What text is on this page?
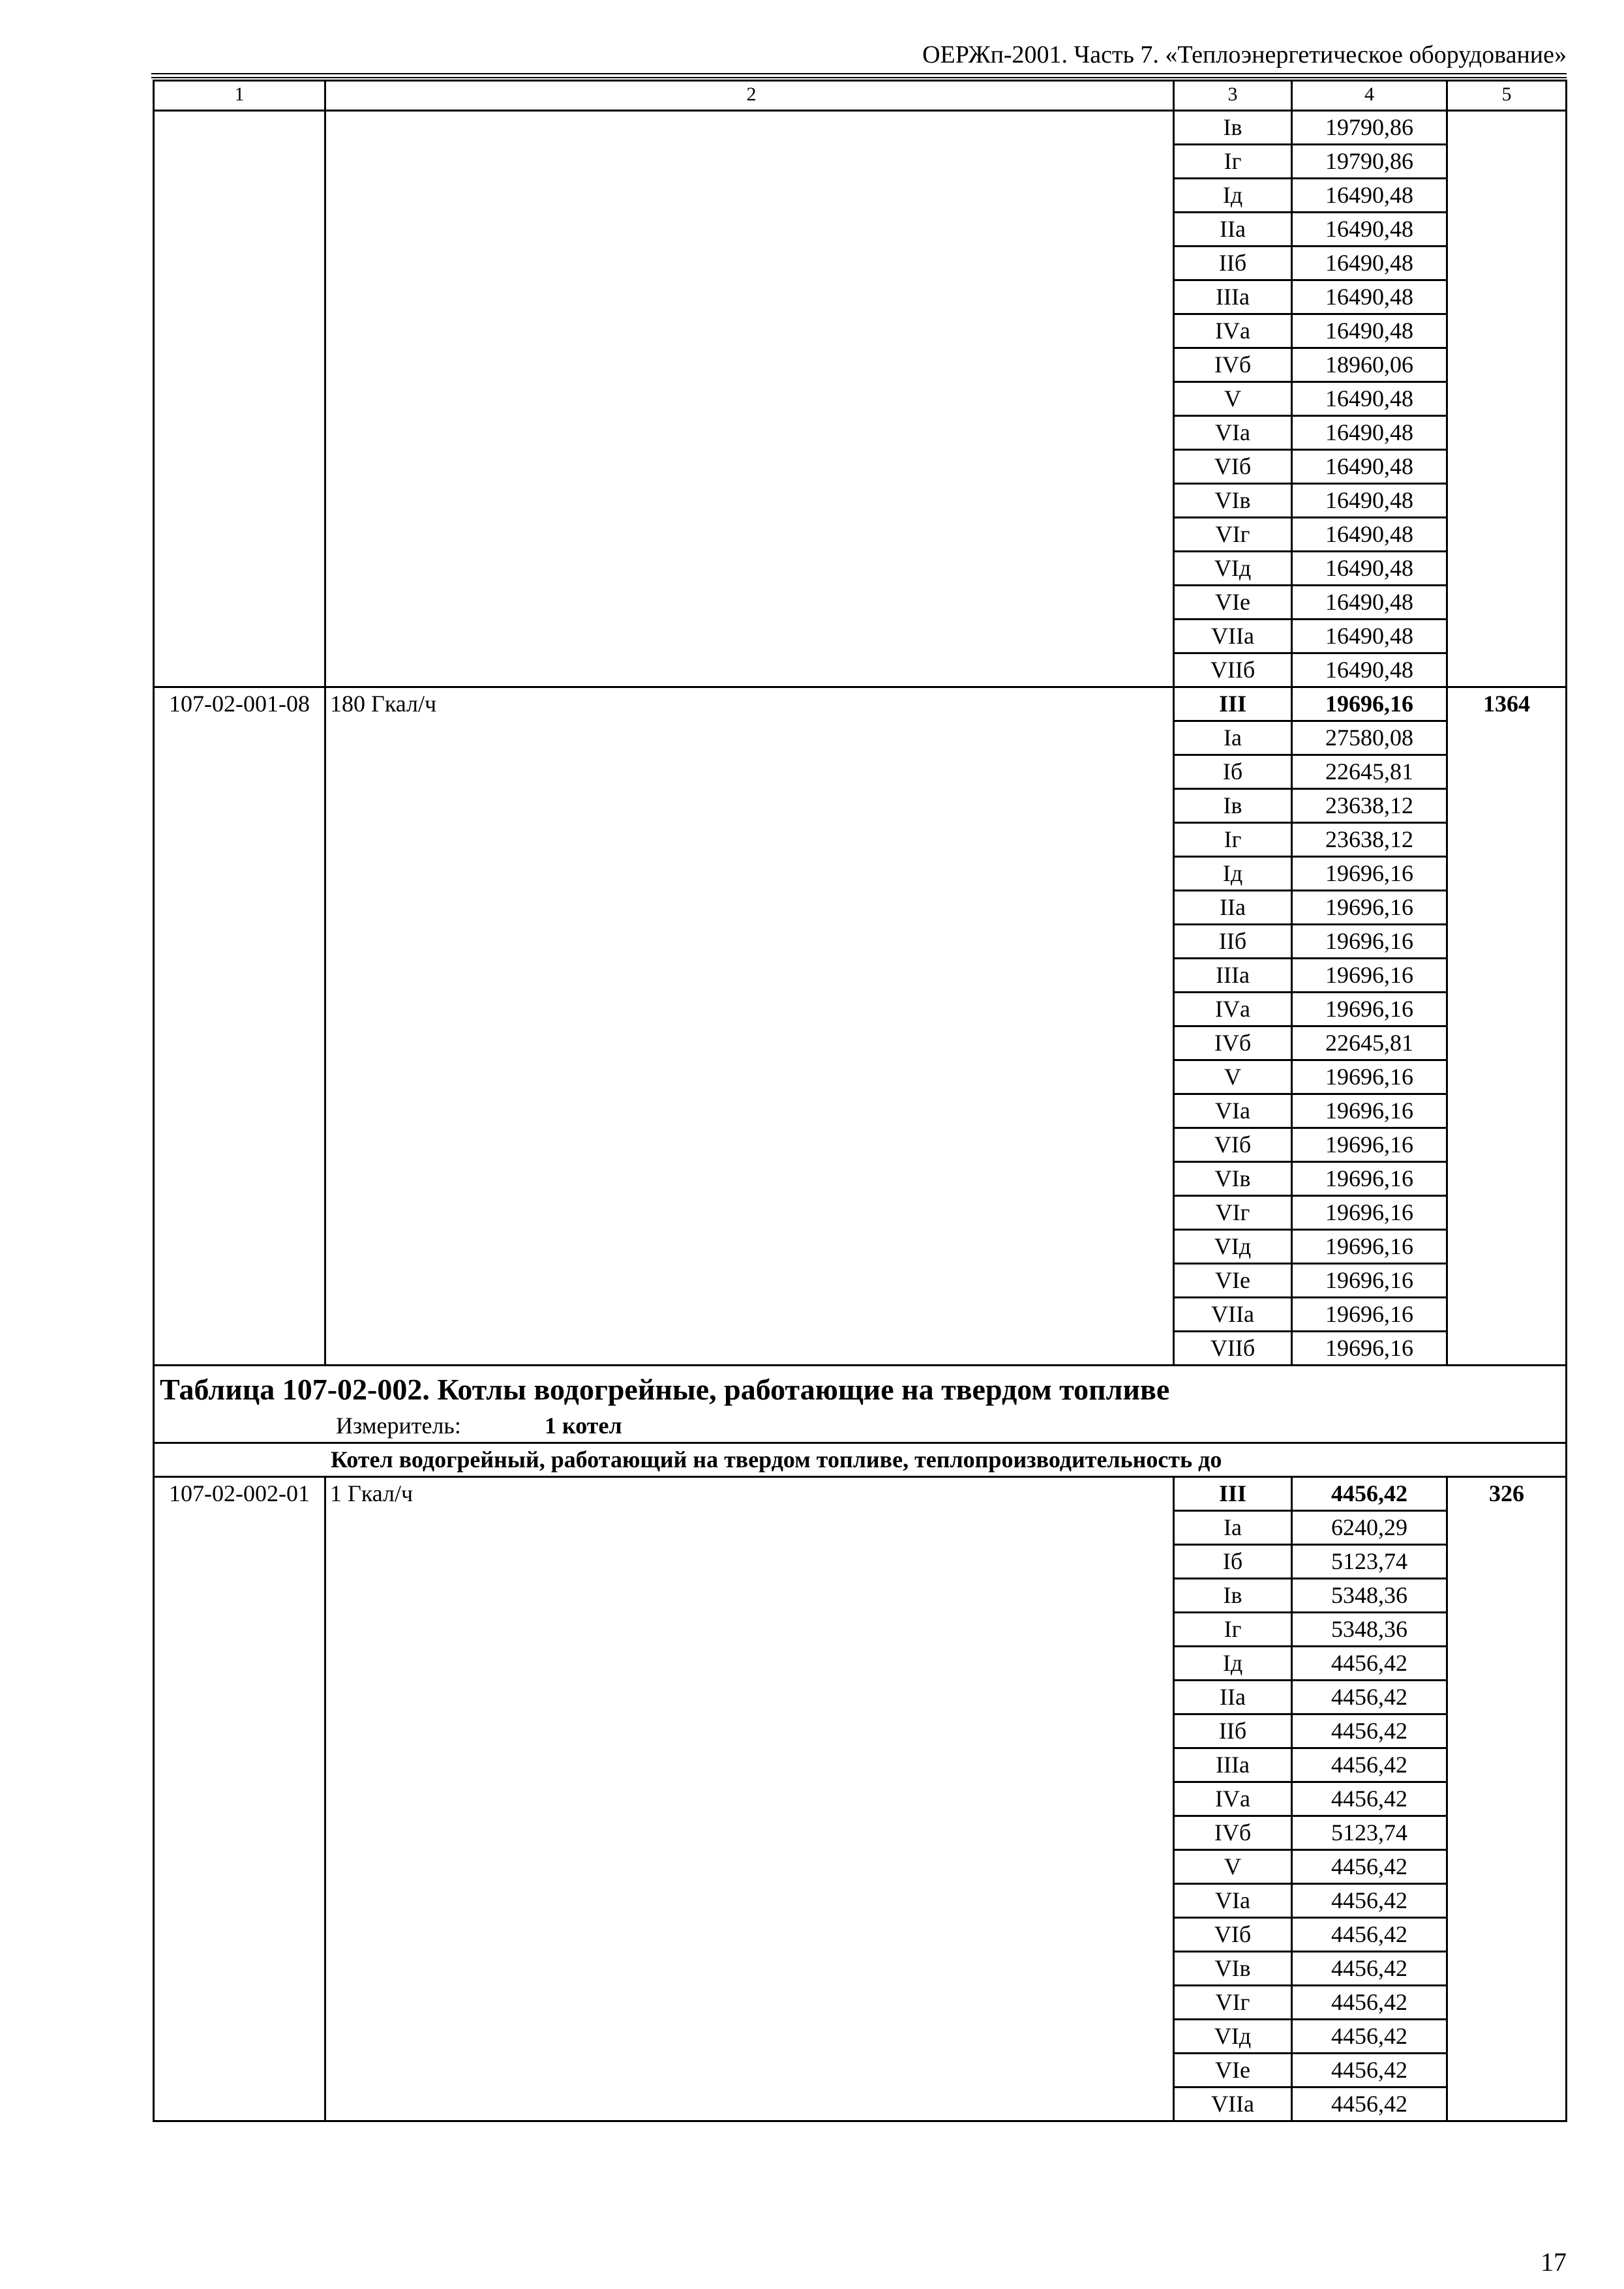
ОЕРЖп-2001. Часть 7. «Теплоэнергетическое оборудование»
1	2	3	4	5
		Iв	19790,86	
		Iг	19790,86	
		Iд	16490,48	
		IIа	16490,48	
		IIб	16490,48	
		IIIа	16490,48	
		IVа	16490,48	
		IVб	18960,06	
		V	16490,48	
		VIа	16490,48	
		VIб	16490,48	
		VIв	16490,48	
		VIг	16490,48	
		VIд	16490,48	
		VIе	16490,48	
		VIIа	16490,48	
		VIIб	16490,48	
107-02-001-08	180 Гкал/ч	III	19696,16	1364
		Iа	27580,08	
		Iб	22645,81	
		Iв	23638,12	
		Iг	23638,12	
		Iд	19696,16	
		IIа	19696,16	
		IIб	19696,16	
		IIIа	19696,16	
		IVа	19696,16	
		IVб	22645,81	
		V	19696,16	
		VIа	19696,16	
		VIб	19696,16	
		VIв	19696,16	
		VIг	19696,16	
		VIд	19696,16	
		VIе	19696,16	
		VIIа	19696,16	
		VIIб	19696,16	
Таблица 107-02-002. Котлы водогрейные, работающие на твердом топливе
Измеритель: 1 котел				

Котел водогрейный, работающий на твердом топливе, теплопроизводительность до				
107-02-002-01	1 Гкал/ч	III	4456,42	326
		Iа	6240,29	
		Iб	5123,74	
		Iв	5348,36	
		Iг	5348,36	
		Iд	4456,42	
		IIа	4456,42	
		IIб	4456,42	
		IIIа	4456,42	
		IVа	4456,42	
		IVб	5123,74	
		V	4456,42	
		VIа	4456,42	
		VIб	4456,42	
		VIв	4456,42	
		VIг	4456,42	
		VIд	4456,42	
		VIе	4456,42	
		VIIа	4456,42	
17
